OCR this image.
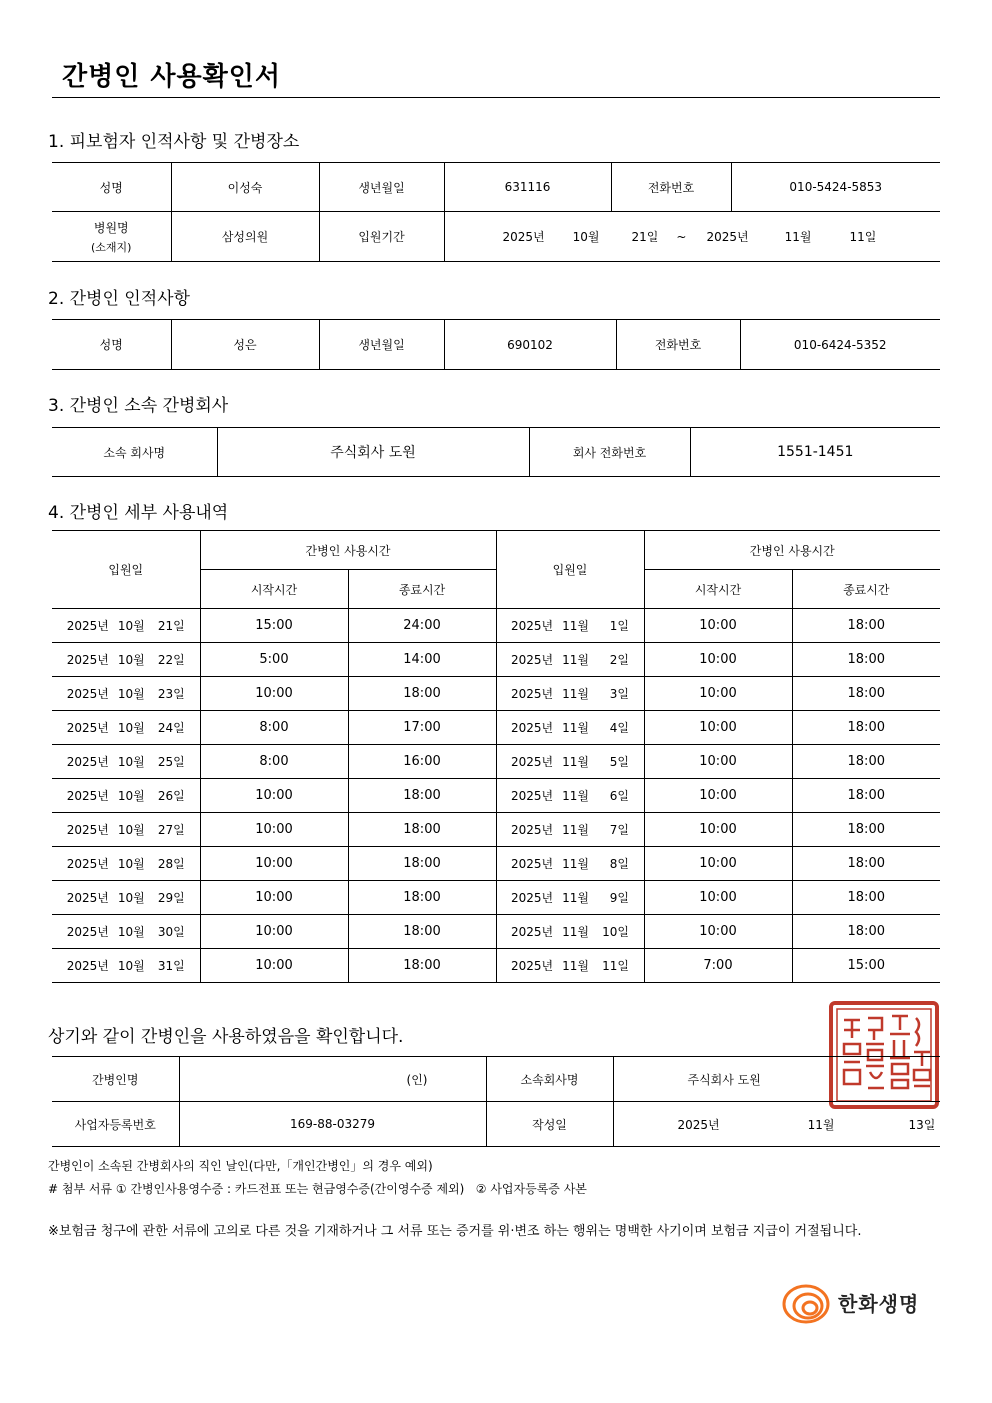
간병인 사용확인서
1. 피보험자 인적사항 및 간병장소
성명	이성숙	생년월일	631116	전화번호	010-5424-5853

병원명
(소재지)	삼성의원	입원기간	2025년 10월 21일 ~ 2025년 11월 11일		
2. 간병인 인적사항
성명	성은	생년월일	690102	전화번호	010-6424-5352
3. 간병인 소속 간병회사
소속 회사명	주식회사 도원	회사 전화번호	1551-1451
4. 간병인 세부 사용내역
입원일	간병인 사용시간		입원일	간병인 사용시간	
	시작시간	종료시간		시작시간	종료시간
2025년 10월 21일	15:00	24:00	2025년 11월 1일	10:00	18:00
2025년 10월 22일	5:00	14:00	2025년 11월 2일	10:00	18:00
2025년 10월 23일	10:00	18:00	2025년 11월 3일	10:00	18:00
2025년 10월 24일	8:00	17:00	2025년 11월 4일	10:00	18:00
2025년 10월 25일	8:00	16:00	2025년 11월 5일	10:00	18:00
2025년 10월 26일	10:00	18:00	2025년 11월 6일	10:00	18:00
2025년 10월 27일	10:00	18:00	2025년 11월 7일	10:00	18:00
2025년 10월 28일	10:00	18:00	2025년 11월 8일	10:00	18:00
2025년 10월 29일	10:00	18:00	2025년 11월 9일	10:00	18:00
2025년 10월 30일	10:00	18:00	2025년 11월 10일	10:00	18:00
2025년 10월 31일	10:00	18:00	2025년 11월 11일	7:00	15:00
상기와 같이 간병인을 사용하였음을 확인합니다.
간병인명	(인)	소속회사명	주식회사 도원
사업자등록번호	169-88-03279	작성일	2025년 11월 13일
간병인이 소속된 간병회사의 직인 날인(다만,「개인간병인」의 경우 예외)
# 첨부 서류 ① 간병인사용영수증 : 카드전표 또는 현금영수증(간이영수증 제외)   ② 사업자등록증 사본
※보험금 청구에 관한 서류에 고의로 다른 것을 기재하거나 그 서류 또는 증거를 위·변조 하는 행위는 명백한 사기이며 보험금 지급이 거절됩니다.
한화생명
